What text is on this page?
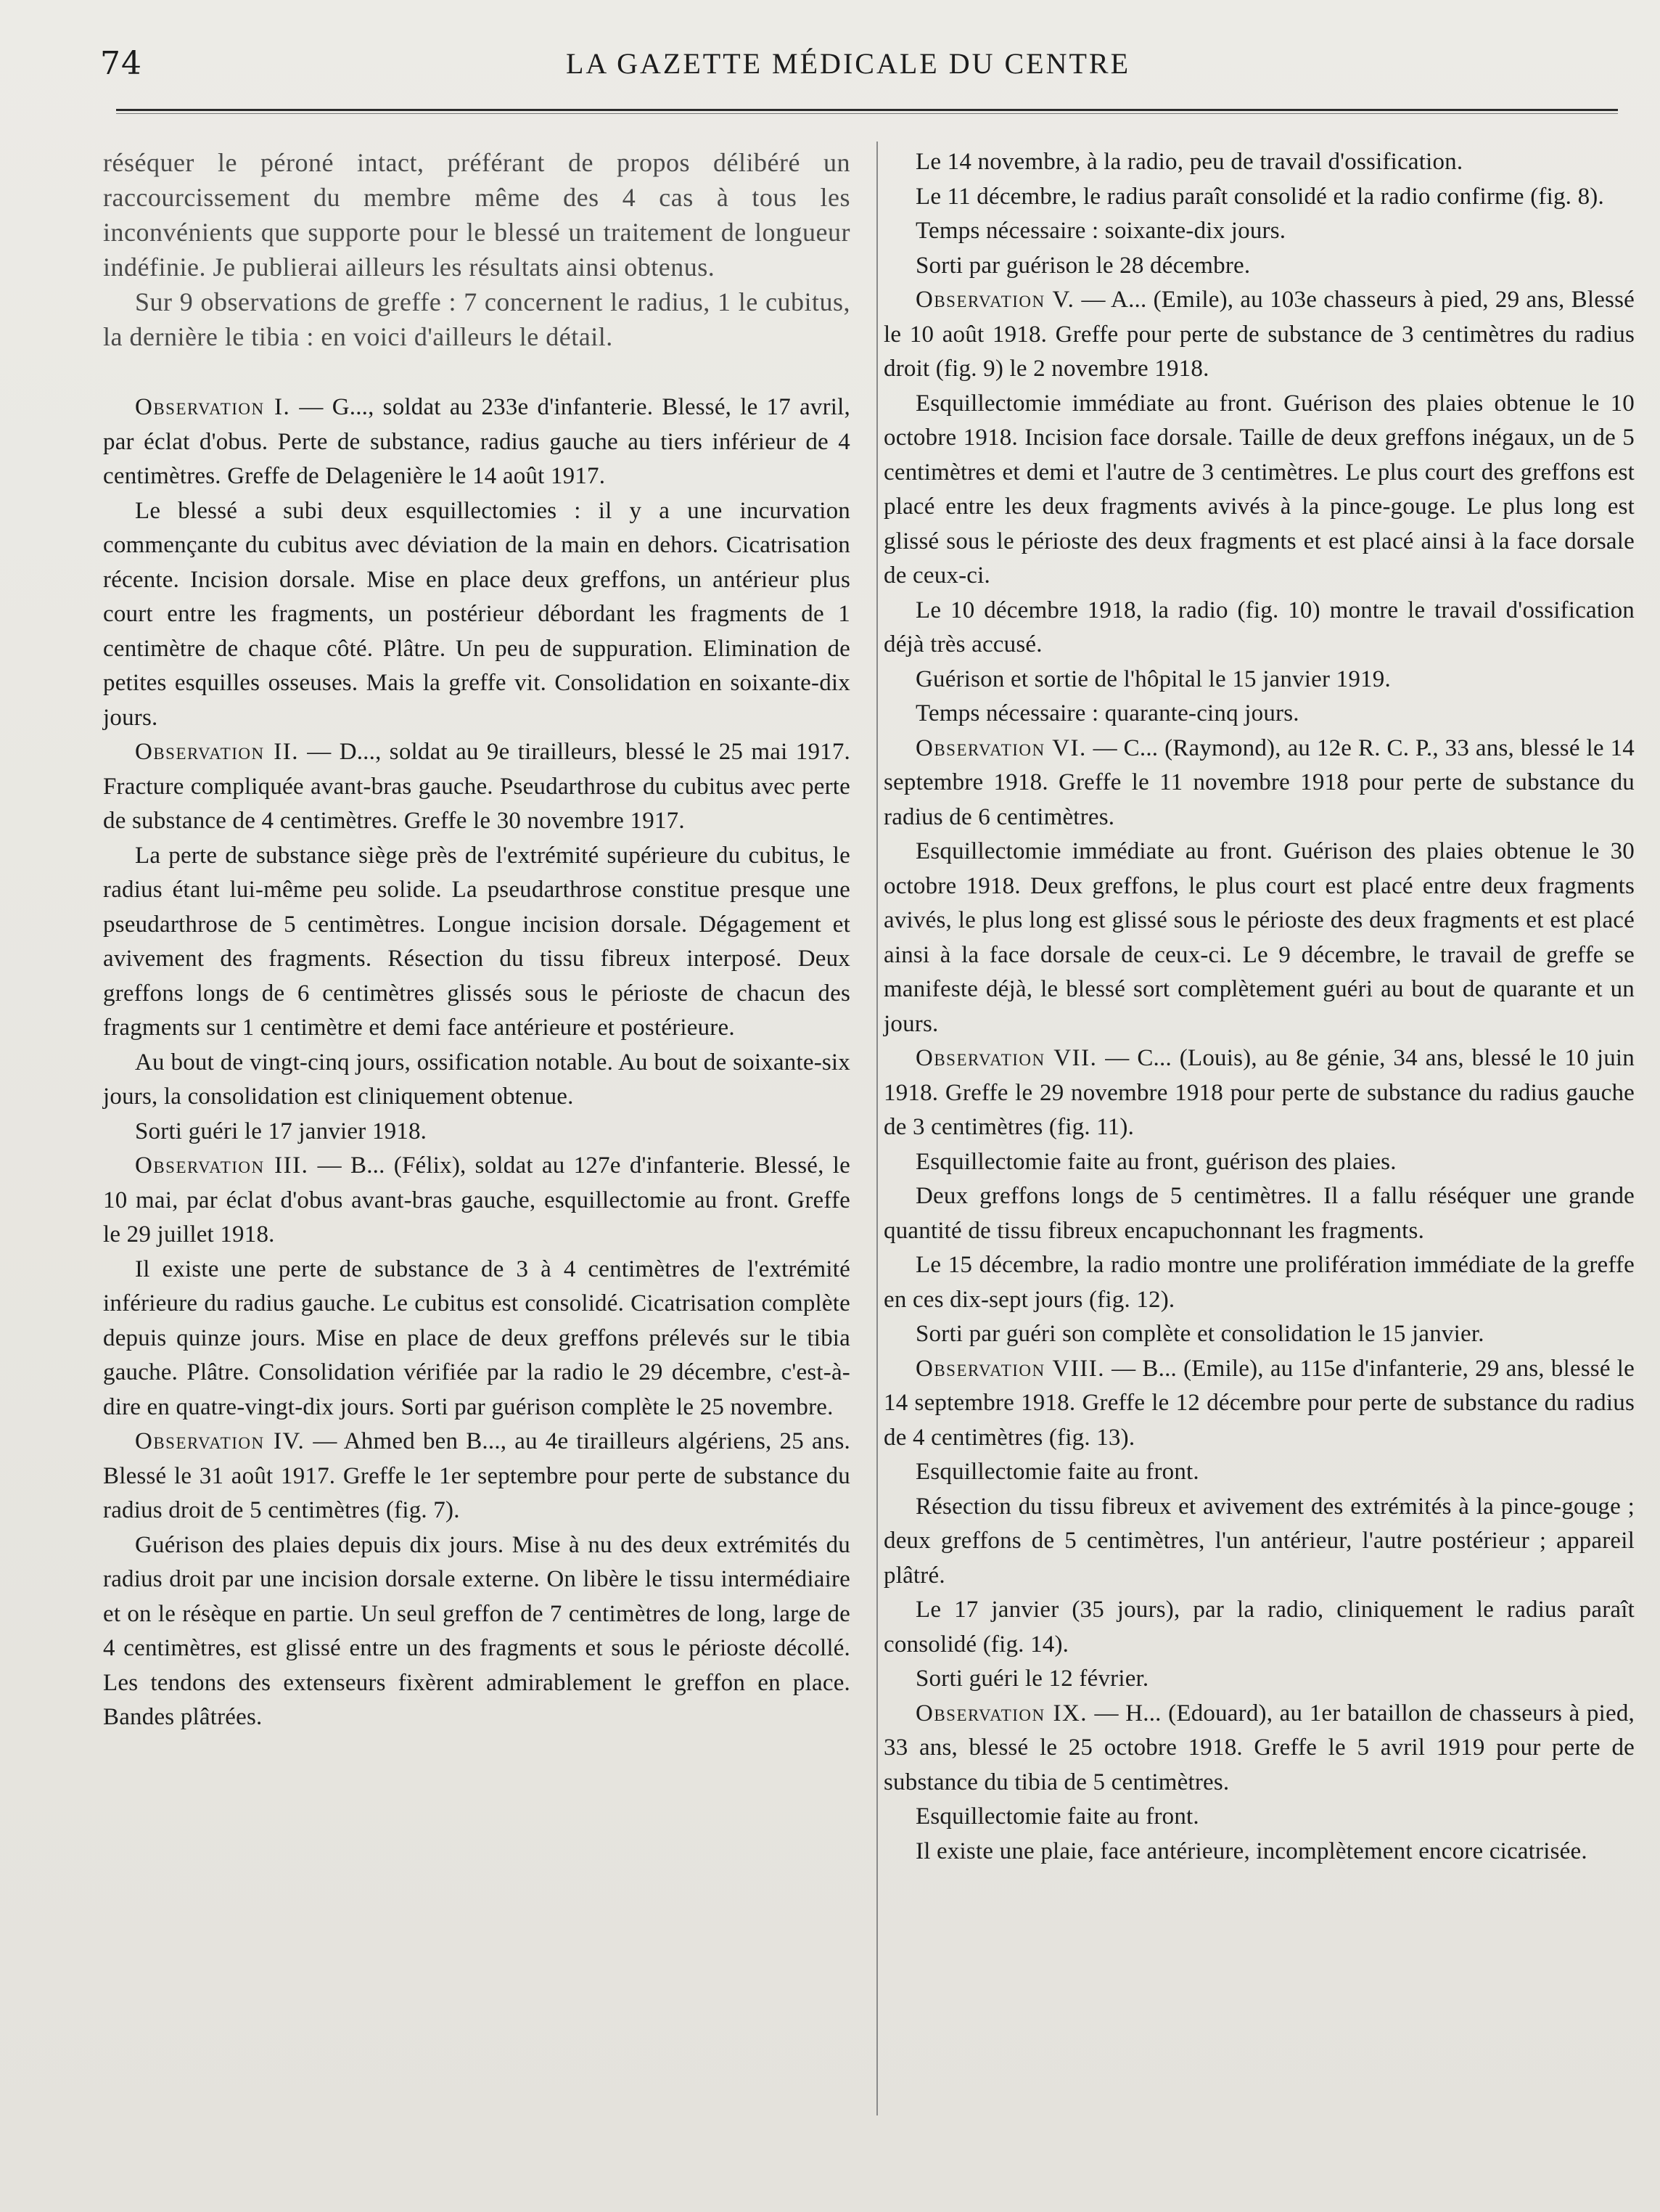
74	LA GAZETTE MÉDICALE DU CENTRE

réséquer le péroné intact, préférant de propos délibéré un raccourcissement du membre même des 4 cas à tous les inconvénients que supporte pour le blessé un traitement de longueur indéfinie. Je publierai ailleurs les résultats ainsi obtenus.

Sur 9 observations de greffe : 7 concernent le radius, 1 le cubitus, la dernière le tibia : en voici d'ailleurs le détail.

Observation I. — G..., soldat au 233e d'infanterie. Blessé, le 17 avril, par éclat d'obus. Perte de substance, radius gauche au tiers inférieur de 4 centimètres. Greffe de Delagenière le 14 août 1917.

Le blessé a subi deux esquillectomies : il y a une incurvation commençante du cubitus avec déviation de la main en dehors. Cicatrisation récente. Incision dorsale. Mise en place deux greffons, un antérieur plus court entre les fragments, un postérieur débordant les fragments de 1 centimètre de chaque côté. Plâtre. Un peu de suppuration. Elimination de petites esquilles osseuses. Mais la greffe vit. Consolidation en soixante-dix jours.

Observation II. — D..., soldat au 9e tirailleurs, blessé le 25 mai 1917. Fracture compliquée avant-bras gauche. Pseudarthrose du cubitus avec perte de substance de 4 centimètres. Greffe le 30 novembre 1917.

La perte de substance siège près de l'extrémité supérieure du cubitus, le radius étant lui-même peu solide. La pseudarthrose constitue presque une pseudarthrose de 5 centimètres. Longue incision dorsale. Dégagement et avivement des fragments. Résection du tissu fibreux interposé. Deux greffons longs de 6 centimètres glissés sous le périoste de chacun des fragments sur 1 centimètre et demi face antérieure et postérieure.

Au bout de vingt-cinq jours, ossification notable. Au bout de soixante-six jours, la consolidation est cliniquement obtenue.

Sorti guéri le 17 janvier 1918.

Observation III. — B... (Félix), soldat au 127e d'infanterie. Blessé, le 10 mai, par éclat d'obus avant-bras gauche, esquillectomie au front. Greffe le 29 juillet 1918.

Il existe une perte de substance de 3 à 4 centimètres de l'extrémité inférieure du radius gauche. Le cubitus est consolidé. Cicatrisation complète depuis quinze jours. Mise en place de deux greffons prélevés sur le tibia gauche. Plâtre. Consolidation vérifiée par la radio le 29 décembre, c'est-à-dire en quatre-vingt-dix jours. Sorti par guérison complète le 25 novembre.

Observation IV. — Ahmed ben B..., au 4e tirailleurs algériens, 25 ans. Blessé le 31 août 1917. Greffe le 1er septembre pour perte de substance du radius droit de 5 centimètres (fig. 7).

Guérison des plaies depuis dix jours. Mise à nu des deux extrémités du radius droit par une incision dorsale externe. On libère le tissu intermédiaire et on le résèque en partie. Un seul greffon de 7 centimètres de long, large de 4 centimètres, est glissé entre un des fragments et sous le périoste décollé. Les tendons des extenseurs fixèrent admirablement le greffon en place. Bandes plâtrées.

Le 14 novembre, à la radio, peu de travail d'ossification.

Le 11 décembre, le radius paraît consolidé et la radio confirme (fig. 8).

Temps nécessaire : soixante-dix jours.

Sorti par guérison le 28 décembre.

Observation V. — A... (Emile), au 103e chasseurs à pied, 29 ans, Blessé le 10 août 1918. Greffe pour perte de substance de 3 centimètres du radius droit (fig. 9) le 2 novembre 1918.

Esquillectomie immédiate au front. Guérison des plaies obtenue le 10 octobre 1918. Incision face dorsale. Taille de deux greffons inégaux, un de 5 centimètres et demi et l'autre de 3 centimètres. Le plus court des greffons est placé entre les deux fragments avivés à la pince-gouge. Le plus long est glissé sous le périoste des deux fragments et est placé ainsi à la face dorsale de ceux-ci.

Le 10 décembre 1918, la radio (fig. 10) montre le travail d'ossification déjà très accusé.

Guérison et sortie de l'hôpital le 15 janvier 1919.

Temps nécessaire : quarante-cinq jours.

Observation VI. — C... (Raymond), au 12e R. C. P., 33 ans, blessé le 14 septembre 1918. Greffe le 11 novembre 1918 pour perte de substance du radius de 6 centimètres.

Esquillectomie immédiate au front. Guérison des plaies obtenue le 30 octobre 1918. Deux greffons, le plus court est placé entre deux fragments avivés, le plus long est glissé sous le périoste des deux fragments et est placé ainsi à la face dorsale de ceux-ci. Le 9 décembre, le travail de greffe se manifeste déjà, le blessé sort complètement guéri au bout de quarante et un jours.

Observation VII. — C... (Louis), au 8e génie, 34 ans, blessé le 10 juin 1918. Greffe le 29 novembre 1918 pour perte de substance du radius gauche de 3 centimètres (fig. 11).

Esquillectomie faite au front, guérison des plaies.

Deux greffons longs de 5 centimètres. Il a fallu réséquer une grande quantité de tissu fibreux encapuchonnant les fragments.

Le 15 décembre, la radio montre une prolifération immédiate de la greffe en ces dix-sept jours (fig. 12).

Sorti par guéri son complète et consolidation le 15 janvier.

Observation VIII. — B... (Emile), au 115e d'infanterie, 29 ans, blessé le 14 septembre 1918. Greffe le 12 décembre pour perte de substance du radius de 4 centimètres (fig. 13).

Esquillectomie faite au front.

Résection du tissu fibreux et avivement des extrémités à la pince-gouge ; deux greffons de 5 centimètres, l'un antérieur, l'autre postérieur ; appareil plâtré.

Le 17 janvier (35 jours), par la radio, cliniquement le radius paraît consolidé (fig. 14).

Sorti guéri le 12 février.

Observation IX. — H... (Edouard), au 1er bataillon de chasseurs à pied, 33 ans, blessé le 25 octobre 1918. Greffe le 5 avril 1919 pour perte de substance du tibia de 5 centimètres.

Esquillectomie faite au front.

Il existe une plaie, face antérieure, incomplètement encore cicatrisée.
